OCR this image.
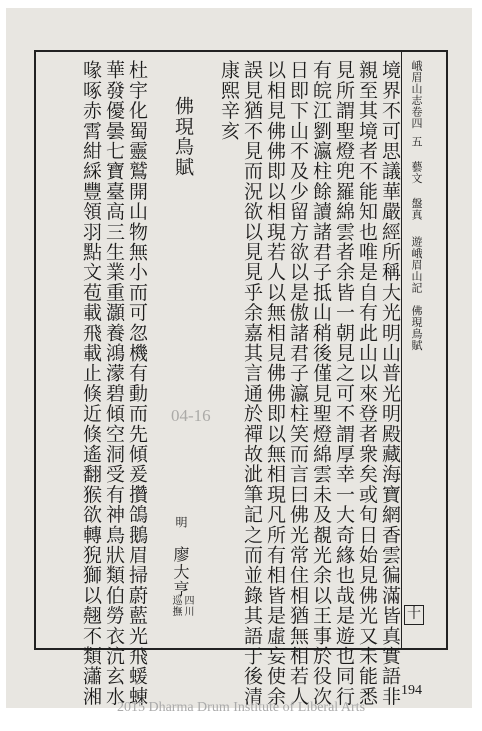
峨眉山志卷四
五 藝文 盤真
遊峨眉山記　佛現鳥賦
十
境界不可思議華嚴經所稱大光明山普光明殿藏海寶網香雲徧滿皆真實語非
親至其境者不能知也唯是自有此山以來登者衆矣或旬日始見佛光又未能悉
見所謂聖燈兜羅綿雲者余皆一朝見之可不謂厚幸一大奇緣也哉是遊也同行
有皖江劉瀛柱餘讀諸君子抵山稍後僅見聖燈綿雲未及覩光余以王事於役次
日即下山不及少留方欲以是傲諸君子瀛柱笑而言曰佛光常住相猶無相若人
以相見佛佛即以相現若人以無相見佛佛即以無相現凡所有相皆是虛妄使余
誤見猶不見而況欲以見見乎余嘉其言通於禪故泚筆記之而並錄其語于後清
康熙辛亥
佛現鳥賦
明
廖大亨
四川
巡撫
杜宇化蜀靈鷲開山物無小而可忽機有動而先傾爰攢鴿鵝眉掃蔚藍光飛蝯蝀
華發優曇七寶臺高三生業重灝養鴻濛碧傾空洞受有神鳥狀類伯勞衣沆玄水
喙啄赤霄紺綵豐領羽點文苞載飛載止倏近倏遙翻猴欲轉猊獅以翹不類瀟湘	04-16
194
2015 Dharma Drum Institute of Liberal Arts
